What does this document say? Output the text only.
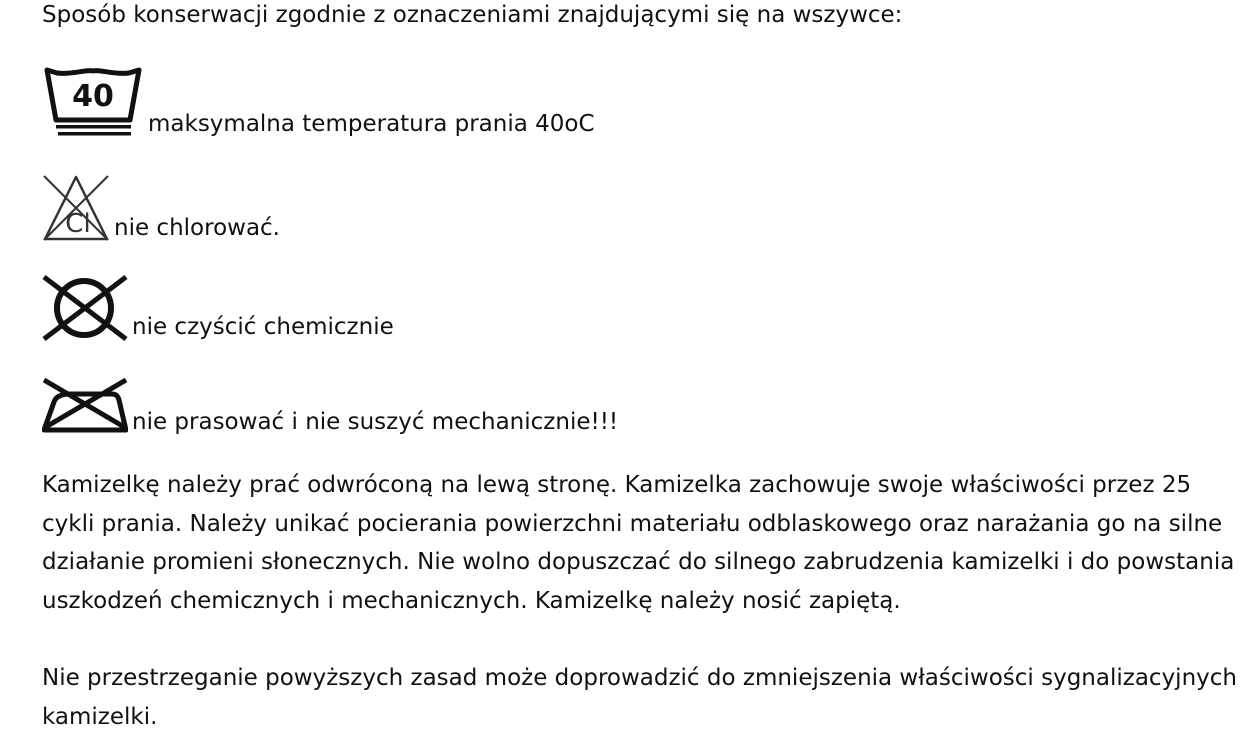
Sposób konserwacji zgodnie z oznaczeniami znajdującymi się na wszywce:
40
maksymalna temperatura prania 40oC
Cl nie chlorować.
nie czyścić chemicznie
nie prasować i nie suszyć mechanicznie!!!

Kamizelkę należy prać odwróconą na lewą stronę. Kamizelka zachowuje swoje właściwości przez 25 cykli prania. Należy unikać pocierania powierzchni materiału odblaskowego oraz narażania go na silne działanie promieni słonecznych. Nie wolno dopuszczać do silnego zabrudzenia kamizelki i do powstania uszkodzeń chemicznych i mechanicznych. Kamizelkę należy nosić zapiętą.

Nie przestrzeganie powyższych zasad może doprowadzić do zmniejszenia właściwości sygnalizacyjnych kamizelki.
